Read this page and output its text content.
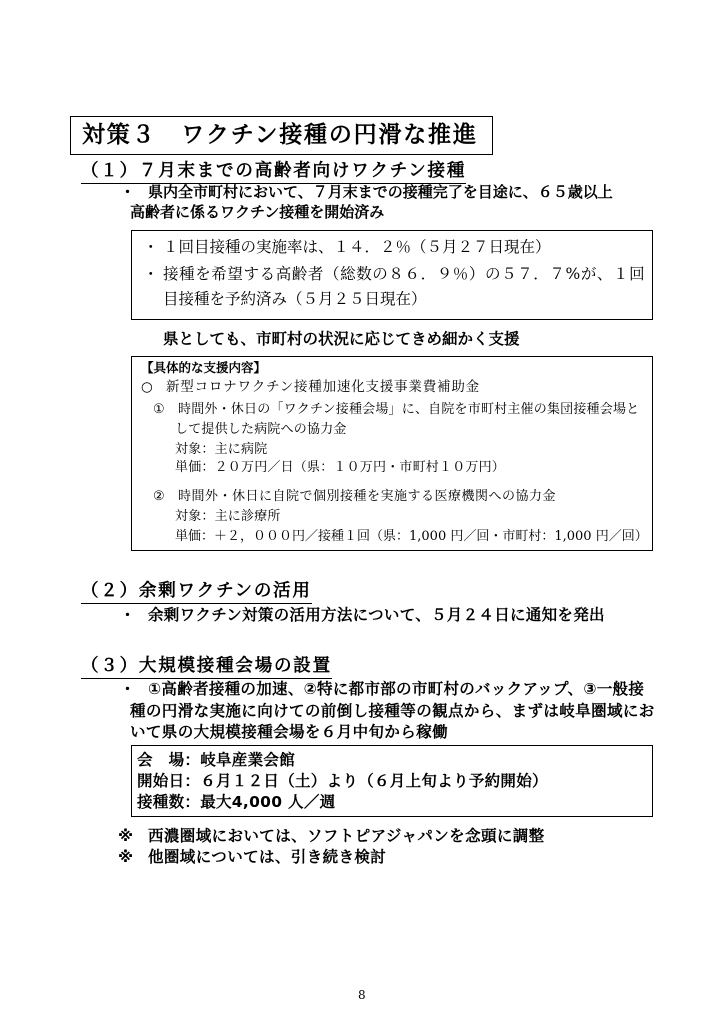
対策３　ワクチン接種の円滑な推進
（１）７月末までの高齢者向けワクチン接種
・ 県内全市町村において、７月末までの接種完了を目途に、６５歳以上
高齢者に係るワクチン接種を開始済み
・ １回目接種の実施率は、１４．２％（５月２７日現在）
・ 接種を希望する高齢者（総数の８６．９％）の５７．７%が、１回
目接種を予約済み（５月２５日現在）
県としても、市町村の状況に応じてきめ細かく支援
【具体的な支援内容】
○ 新型コロナワクチン接種加速化支援事業費補助金
① 時間外・休日の「ワクチン接種会場」に、自院を市町村主催の集団接種会場と
して提供した病院への協力金
対象：主に病院
単価：２０万円／日（県：１０万円・市町村１０万円）
② 時間外・休日に自院で個別接種を実施する医療機関への協力金
対象：主に診療所
単価：＋２，０００円／接種１回（県：1,000 円／回・市町村：1,000 円／回）
（２）余剰ワクチンの活用
・ 余剰ワクチン対策の活用方法について、５月２４日に通知を発出
（３）大規模接種会場の設置
・ ①高齢者接種の加速、②特に都市部の市町村のバックアップ、③一般接
種の円滑な実施に向けての前倒し接種等の観点から、まずは岐阜圏域にお
いて県の大規模接種会場を６月中旬から稼働
会　場：岐阜産業会館
開始日：６月１２日（土）より（６月上旬より予約開始）
接種数：最大4,000 人／週
※ 西濃圏域においては、ソフトピアジャパンを念頭に調整
※ 他圏域については、引き続き検討
8
